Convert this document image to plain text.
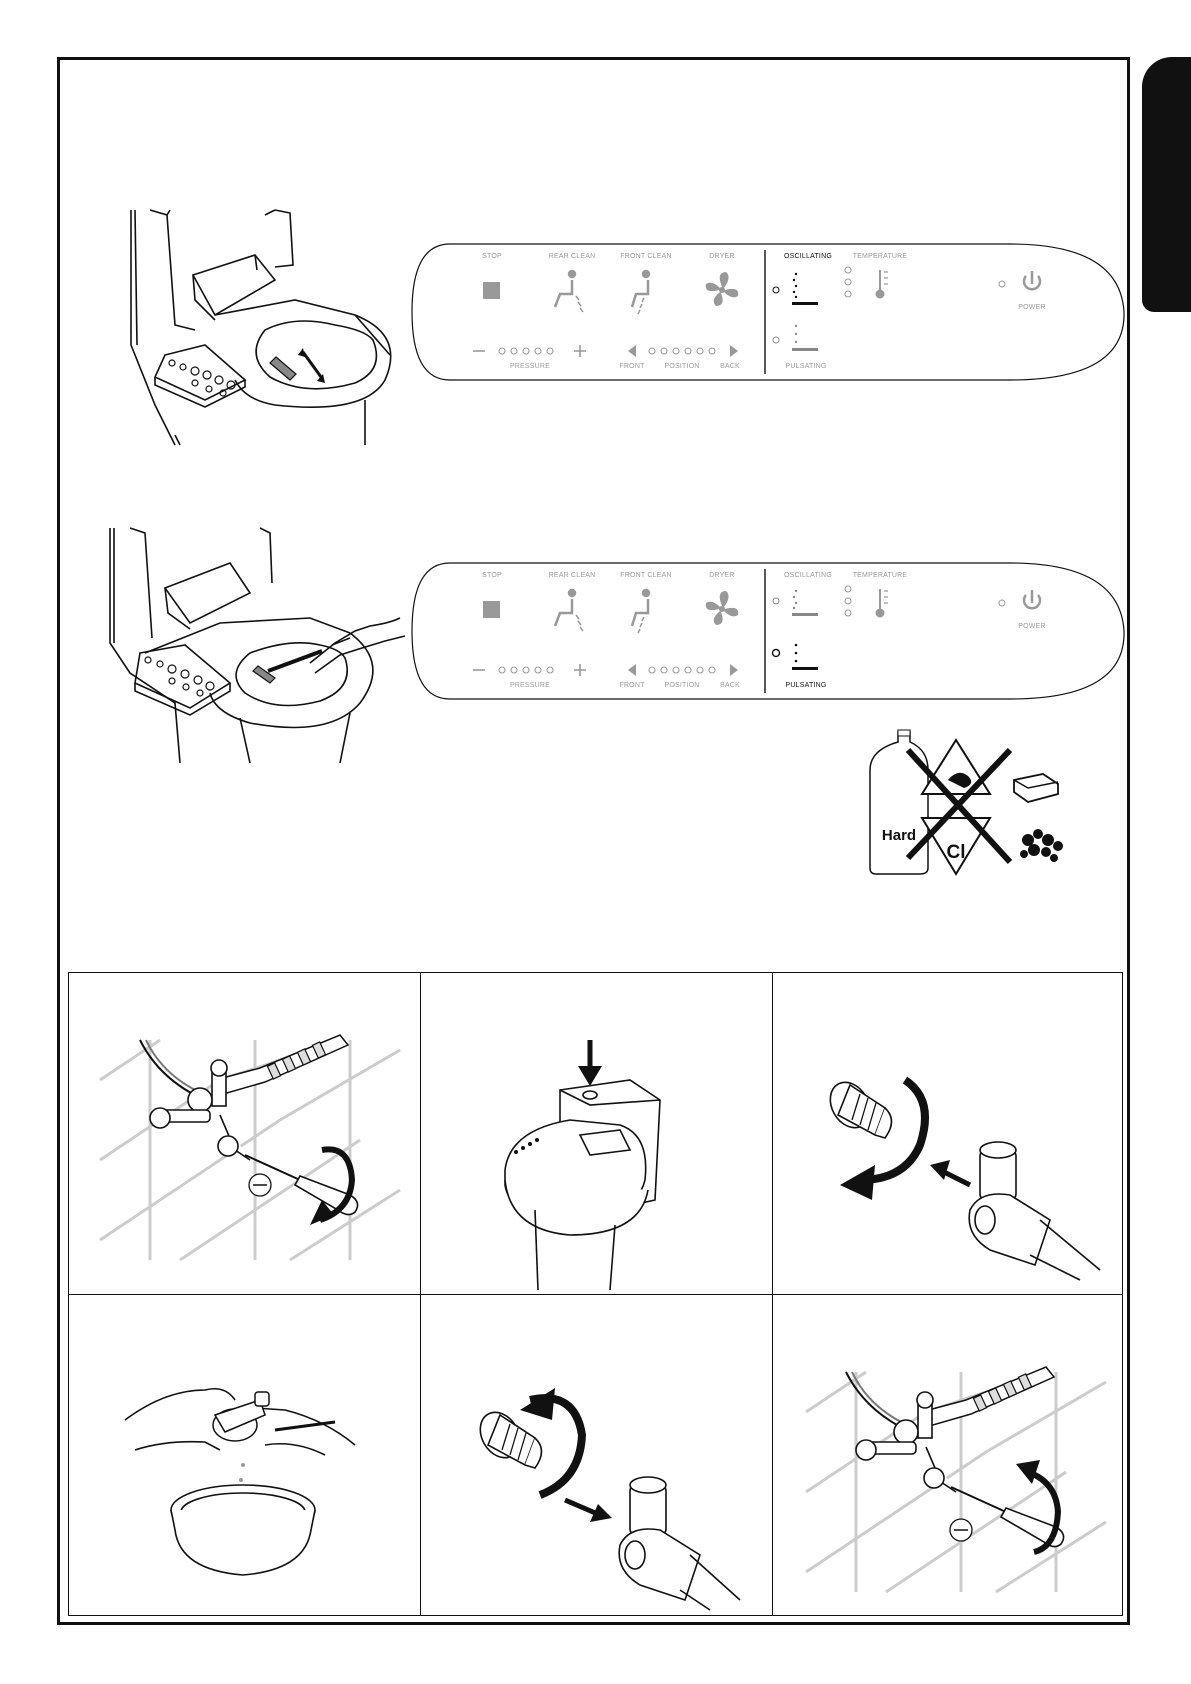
STOP	REAR CLEAN	FRONT CLEAN	DRYER	OSCILLATING	TEMPERATURE
POWER
PRESSURE	FRONT	POSITION	BACK	PULSATING
STOP	REAR CLEAN	FRONT CLEAN	DRYER	OSCILLATING	TEMPERATURE
POWER
PRESSURE	FRONT	POSITION	BACK	PULSATING
Hard
Cl
